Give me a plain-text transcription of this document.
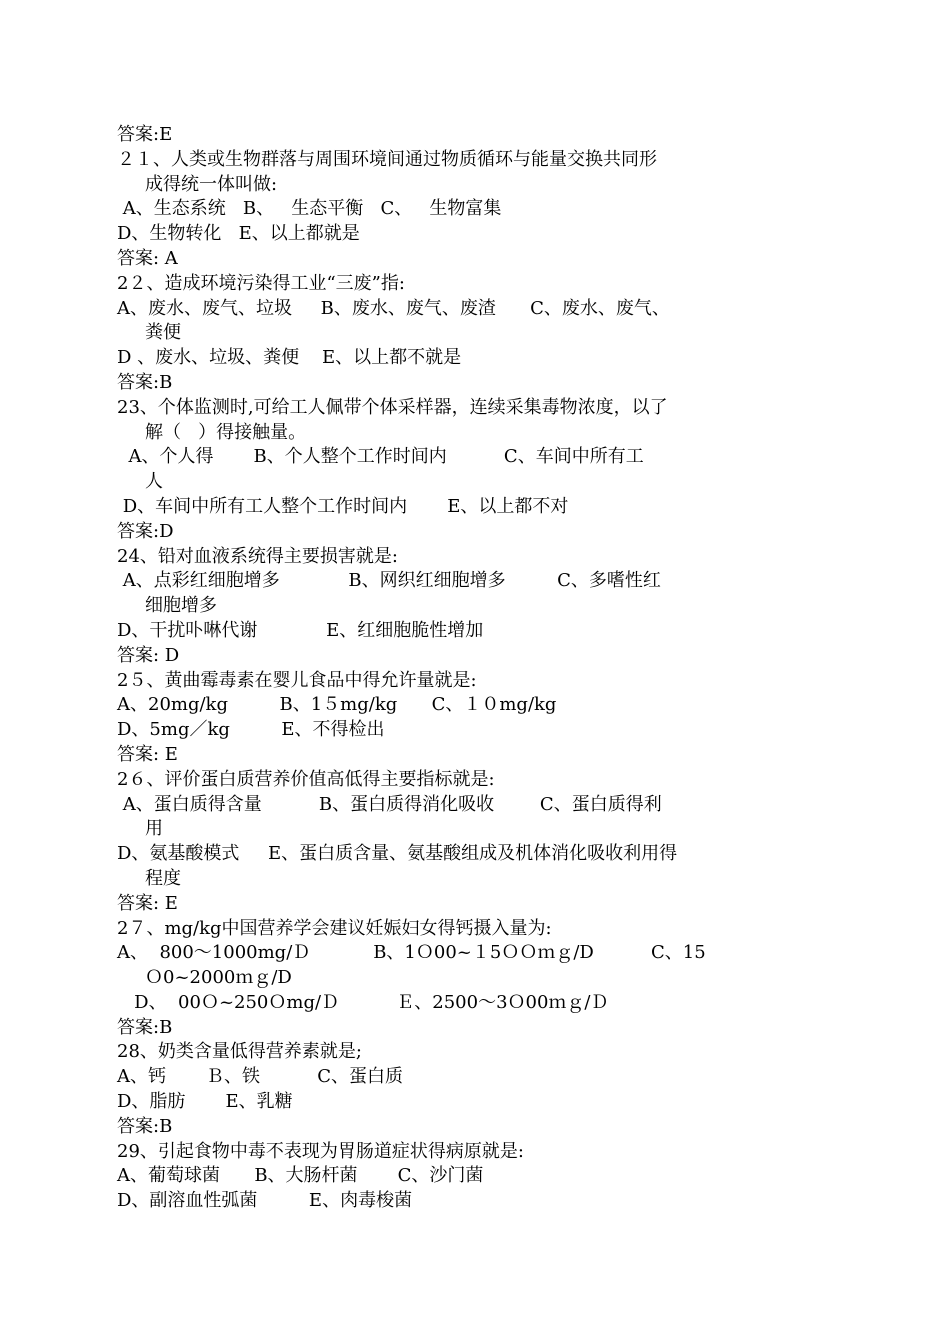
答案:E
２１、人类或生物群落与周围环境间通过物质循环与能量交换共同形
成得统一体叫做:
A、生态系统   B、   生态平衡   C、   生物富集
D、生物转化   E、以上都就是
答案: A
2２、造成环境污染得工业“三废”指:
A、废水、废气、垃圾     B、废水、废气、废渣      C、废水、废气、
粪便
D 、废水、垃圾、粪便    E、以上都不就是
答案:B
23、个体监测时,可给工人佩带个体采样器，连续采集毒物浓度，以了
解（   ）得接触量。
A、个人得       B、个人整个工作时间内          C、车间中所有工
人
D、车间中所有工人整个工作时间内       E、以上都不对
答案:D
24、铅对血液系统得主要损害就是:
A、点彩红细胞增多            B、网织红细胞增多         C、多嗜性红
细胞增多
D、干扰卟啉代谢            E、红细胞脆性增加
答案: D
2５、黄曲霉毒素在婴儿食品中得允许量就是:
A、20mg/kg         B、1５mg/kg      C、１０mg/kg
D、5mg／kg         E、不得检出
答案: E
2６、评价蛋白质营养价值高低得主要指标就是:
A、蛋白质得含量          B、蛋白质得消化吸收        C、蛋白质得利
用
D、氨基酸模式     E、蛋白质含量、氨基酸组成及机体消化吸收利用得
程度
答案: E
2７、mg/kg中国营养学会建议妊娠妇女得钙摄入量为:
A、  800～1000mg/Ｄ           B、1Ｏ00~１5ＯＯｍｇ/D          C、15
Ｏ0~2000ｍｇ/D
D、  00Ｏ~250Ｏmg/Ｄ          Ｅ、2500～3Ｏ00ｍｇ/Ｄ
答案:B
28、奶类含量低得营养素就是;
A、钙       Ｂ、铁          C、蛋白质
D、脂肪       E、乳糖
答案:B
29、引起食物中毒不表现为胃肠道症状得病原就是:
A、葡萄球菌      B、大肠杆菌       C、沙门菌
D、副溶血性弧菌         E、肉毒梭菌
